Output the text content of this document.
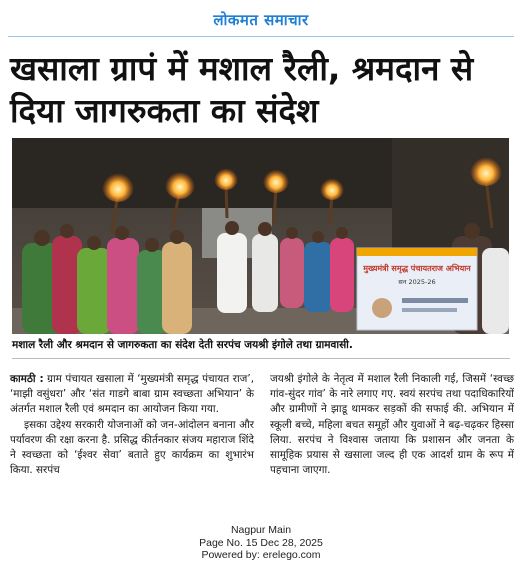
लोकमत समाचार
खसाला ग्रापं में मशाल रैली, श्रमदान से दिया जागरुकता का संदेश
मुख्यमंत्री समृद्ध पंचायतराज अभियान
सन 2025-26
मशाल रैली और श्रमदान से जागरुकता का संदेश देती सरपंच जयश्री इंगोले तथा ग्रामवासी.

कामठी : ग्राम पंचायत खसाला में ‘मुख्यमंत्री समृद्ध पंचायत राज’, ‘माझी वसुंधरा’ और ‘संत गाडगे बाबा ग्राम स्वच्छता अभियान’ के अंतर्गत मशाल रैली एवं श्रमदान का आयोजन किया गया.

इसका उद्देश्य सरकारी योजनाओं को जन-आंदोलन बनाना और पर्यावरण की रक्षा करना है. प्रसिद्ध कीर्तनकार संजय महाराज शिंदे ने स्वच्छता को ‘ईश्वर सेवा’ बताते हुए कार्यक्रम का शुभारंभ किया. सरपंच

जयश्री इंगोले के नेतृत्व में मशाल रैली निकाली गई, जिसमें ‘स्वच्छ गांव-सुंदर गांव’ के नारे लगाए गए. स्वयं सरपंच तथा पदाधिकारियों और ग्रामीणों ने झाडू थामकर सड़कों की सफाई की. अभियान में स्कूली बच्चे, महिला बचत समूहों और युवाओं ने बढ़-चढ़कर हिस्सा लिया. सरपंच ने विश्वास जताया कि प्रशासन और जनता के सामूहिक प्रयास से खसाला जल्द ही एक आदर्श ग्राम के रूप में पहचाना जाएगा.

Nagpur Main
Page No. 15 Dec 28, 2025
Powered by: erelego.com
